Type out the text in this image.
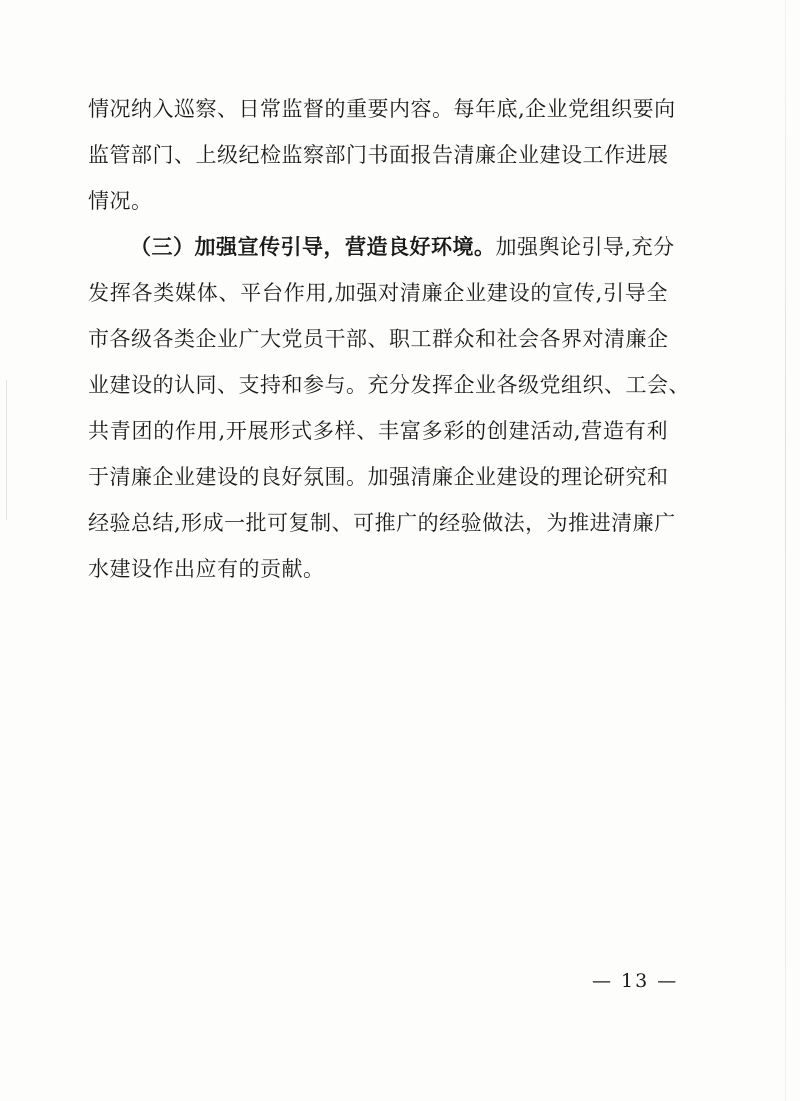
情况纳入巡察、日常监督的重要内容。每年底,企业党组织要向
监管部门、上级纪检监察部门书面报告清廉企业建设工作进展
情况。
（三）加强宣传引导，营造良好环境。加强舆论引导,充分
发挥各类媒体、平台作用,加强对清廉企业建设的宣传,引导全
市各级各类企业广大党员干部、职工群众和社会各界对清廉企
业建设的认同、支持和参与。充分发挥企业各级党组织、工会、
共青团的作用,开展形式多样、丰富多彩的创建活动,营造有利
于清廉企业建设的良好氛围。加强清廉企业建设的理论研究和
经验总结,形成一批可复制、可推广的经验做法，为推进清廉广
水建设作出应有的贡献。
— 13 —
